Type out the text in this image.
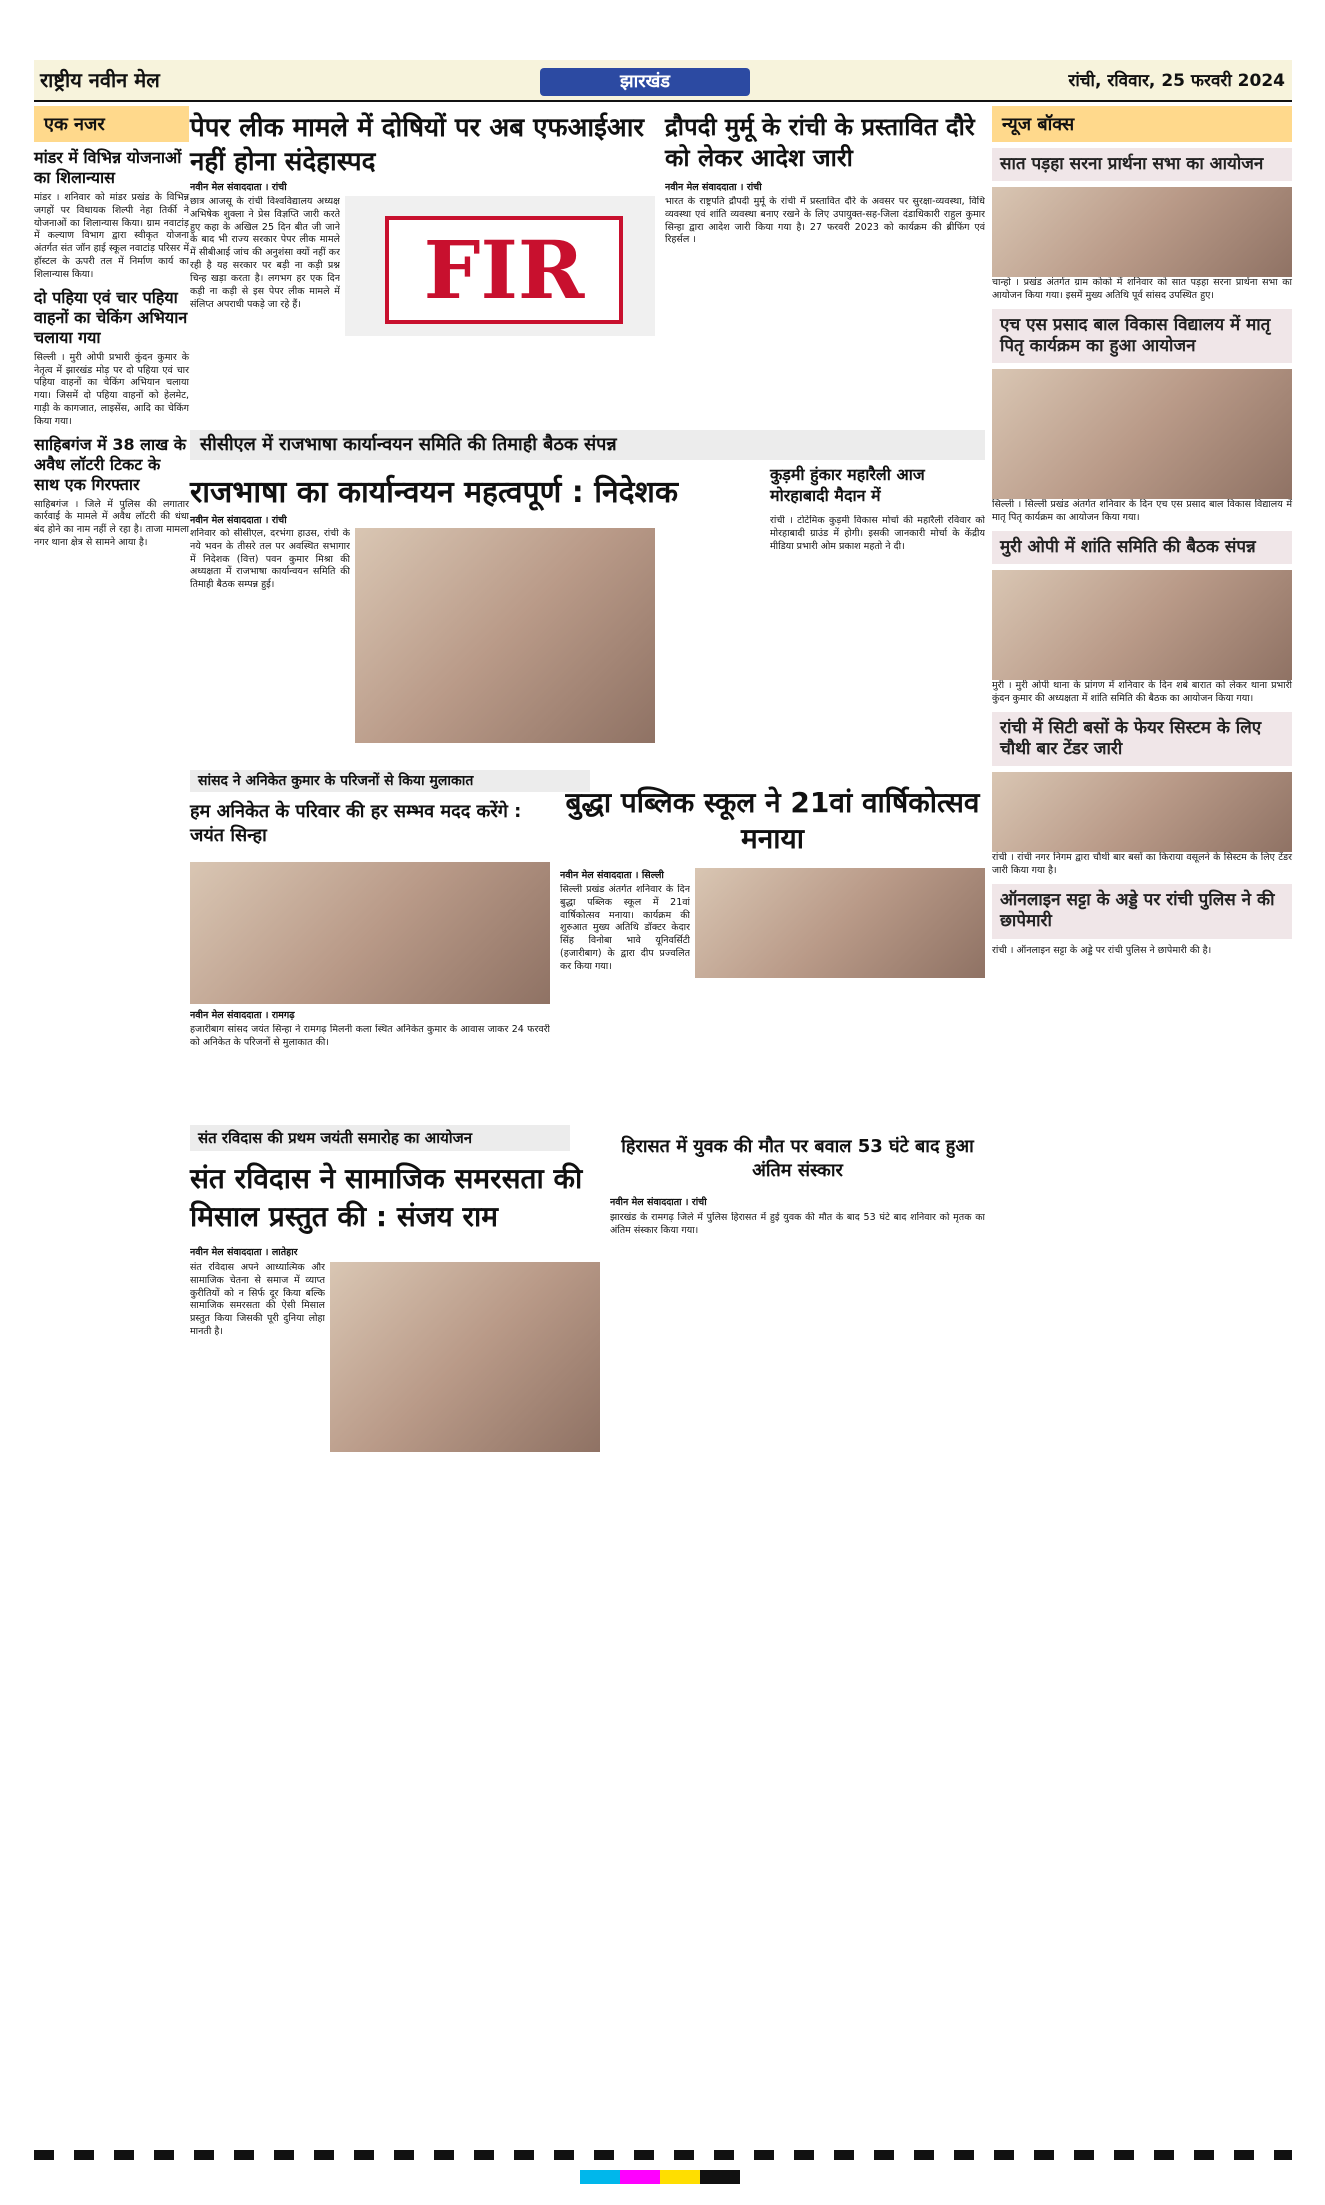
राष्ट्रीय नवीन मेल	झारखंड	रांची, रविवार, 25 फरवरी 2024
एक नजर
मांडर में विभिन्न योजनाओं का शिलान्यास
मांडर । शनिवार को मांडर प्रखंड के विभिन्न जगहों पर विधायक शिल्पी नेहा तिर्की ने योजनाओं का शिलान्यास किया। ग्राम नवाटांड़ में कल्याण विभाग द्वारा स्वीकृत योजना अंतर्गत संत जॉन हाई स्कूल नवाटांड़ परिसर में हॉस्टल के ऊपरी तल में निर्माण कार्य का शिलान्यास किया।
दो पहिया एवं चार पहिया वाहनों का चेकिंग अभियान चलाया गया
सिल्ली । मुरी ओपी प्रभारी कुंदन कुमार के नेतृत्व में झारखंड मोड़ पर दो पहिया एवं चार पहिया वाहनों का चेकिंग अभियान चलाया गया। जिसमें दो पहिया वाहनों को हेलमेट, गाड़ी के कागजात, लाइसेंस, आदि का चेकिंग किया गया।
साहिबगंज में 38 लाख के अवैध लॉटरी टिकट के साथ एक गिरफ्तार
साहिबगंज । जिले में पुलिस की लगातार कार्रवाई के मामले में अवैध लॉटरी की धंधा बंद होने का नाम नहीं ले रहा है। ताजा मामला नगर थाना क्षेत्र से सामने आया है।
पेपर लीक मामले में दोषियों पर अब एफआईआर नहीं होना संदेहास्पद
नवीन मेल संवाददाता । रांची
छात्र आजसू के रांची विश्वविद्यालय अध्यक्ष अभिषेक शुक्ला ने प्रेस विज्ञप्ति जारी करते हुए कहा के अखिल 25 दिन बीत जी जाने के बाद भी राज्य सरकार पेपर लीक मामले में सीबीआई जांच की अनुशंसा क्यों नहीं कर रही है यह सरकार पर बड़ी ना कड़ी प्रश्न चिन्ह खड़ा करता है। लगभग हर एक दिन कड़ी ना कड़ी से इस पेपर लीक मामले में संलिप्त अपराधी पकड़े जा रहे हैं।	FIR
द्रौपदी मुर्मू के रांची के प्रस्तावित दौरे को लेकर आदेश जारी
नवीन मेल संवाददाता । रांची
भारत के राष्ट्रपति द्रौपदी मुर्मू के रांची में प्रस्तावित दौरे के अवसर पर सुरक्षा-व्यवस्था, विधि व्यवस्था एवं शांति व्यवस्था बनाए रखने के लिए उपायुक्त-सह-जिला दंडाधिकारी राहुल कुमार सिन्हा द्वारा आदेश जारी किया गया है। 27 फरवरी 2023 को कार्यक्रम की ब्रीफिंग एवं रिहर्सल ।
सीसीएल में राजभाषा कार्यान्वयन समिति की तिमाही बैठक संपन्न
राजभाषा का कार्यान्वयन महत्वपूर्ण : निदेशक
नवीन मेल संवाददाता । रांची
शनिवार को सीसीएल, दरभंगा हाउस, रांची के नये भवन के तीसरे तल पर अवस्थित सभागार में निदेशक (वित्त) पवन कुमार मिश्रा की अध्यक्षता में राजभाषा कार्यान्वयन समिति की तिमाही बैठक सम्पन्न हुई।
कुड़मी हुंकार महारैली आज मोरहाबादी मैदान में
रांची । टोटेमिक कुड़मी विकास मोर्चा की महारैली रविवार को मोरहाबादी ग्राउंड में होगी। इसकी जानकारी मोर्चा के केंद्रीय मीडिया प्रभारी ओम प्रकाश महतो ने दी।
सांसद ने अनिकेत कुमार के परिजनों से किया मुलाकात
हम अनिकेत के परिवार की हर सम्भव मदद करेंगे : जयंत सिन्हा
नवीन मेल संवाददाता । रामगढ़
हजारीबाग सांसद जयंत सिन्हा ने रामगढ़ मिलनी कला स्थित अनिकेत कुमार के आवास जाकर 24 फरवरी को अनिकेत के परिजनों से मुलाकात की।
बुद्धा पब्लिक स्कूल ने 21वां वार्षिकोत्सव मनाया
नवीन मेल संवाददाता । सिल्ली
सिल्ली प्रखंड अंतर्गत शनिवार के दिन बुद्धा पब्लिक स्कूल में 21वां वार्षिकोत्सव मनाया। कार्यक्रम की शुरुआत मुख्य अतिथि डॉक्टर केदार सिंह विनोबा भावे यूनिवर्सिटी (हजारीबाग) के द्वारा दीप प्रज्वलित कर किया गया।
संत रविदास की प्रथम जयंती समारोह का आयोजन
संत रविदास ने सामाजिक समरसता की मिसाल प्रस्तुत की : संजय राम
नवीन मेल संवाददाता । लातेहार
संत रविदास अपने आध्यात्मिक और सामाजिक चेतना से समाज में व्याप्त कुरीतियों को न सिर्फ दूर किया बल्कि सामाजिक समरसता की ऐसी मिसाल प्रस्तुत किया जिसकी पूरी दुनिया लोहा मानती है।
हिरासत में युवक की मौत पर बवाल 53 घंटे बाद हुआ अंतिम संस्कार
नवीन मेल संवाददाता । रांची
झारखंड के रामगढ़ जिले में पुलिस हिरासत में हुई युवक की मौत के बाद 53 घंटे बाद शनिवार को मृतक का अंतिम संस्कार किया गया।
न्यूज बॉक्स
सात पड़हा सरना प्रार्थना सभा का आयोजन
चान्हो । प्रखंड अंतर्गत ग्राम कोको में शनिवार को सात पड़हा सरना प्रार्थना सभा का आयोजन किया गया। इसमें मुख्य अतिथि पूर्व सांसद उपस्थित हुए।
एच एस प्रसाद बाल विकास विद्यालय में मातृ पितृ कार्यक्रम का हुआ आयोजन
सिल्ली । सिल्ली प्रखंड अंतर्गत शनिवार के दिन एच एस प्रसाद बाल विकास विद्यालय में मातृ पितृ कार्यक्रम का आयोजन किया गया।
मुरी ओपी में शांति समिति की बैठक संपन्न
मुरी । मुरी ओपी थाना के प्रांगण में शनिवार के दिन शबे बारात को लेकर थाना प्रभारी कुंदन कुमार की अध्यक्षता में शांति समिति की बैठक का आयोजन किया गया।
रांची में सिटी बसों के फेयर सिस्टम के लिए चौथी बार टेंडर जारी
रांची । रांची नगर निगम द्वारा चौथी बार बसों का किराया वसूलने के सिस्टम के लिए टेंडर जारी किया गया है।
ऑनलाइन सट्टा के अड्डे पर रांची पुलिस ने की छापेमारी
रांची । ऑनलाइन सट्टा के अड्डे पर रांची पुलिस ने छापेमारी की है।
